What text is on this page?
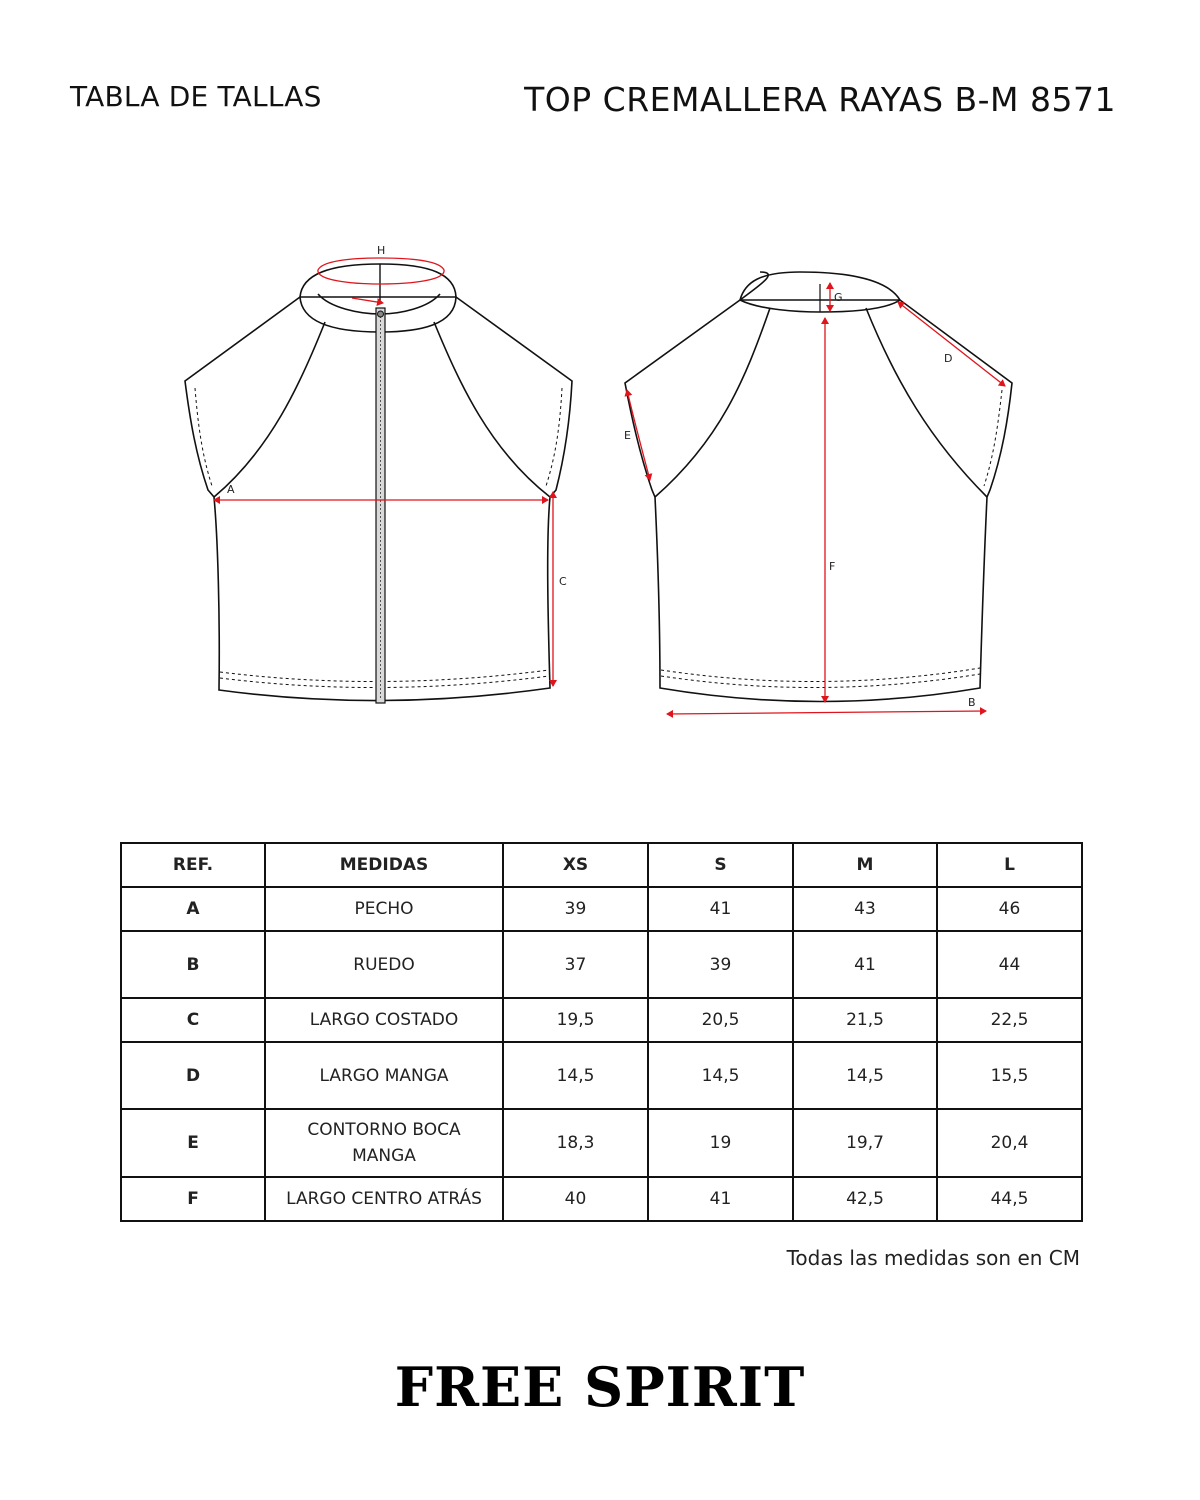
TABLA DE TALLAS	TOP CREMALLERA RAYAS B-M 8571
H
A
C
G
D
E
F
B
REF.	MEDIDAS	XS	S	M	L
A	PECHO	39	41	43	46
B	RUEDO	37	39	41	44
C	LARGO COSTADO	19,5	20,5	21,5	22,5
D	LARGO MANGA	14,5	14,5	14,5	15,5
E	CONTORNO BOCA MANGA	18,3	19	19,7	20,4
F	LARGO CENTRO ATRÁS	40	41	42,5	44,5
Todas las medidas son en CM
FREE SPIRIT
